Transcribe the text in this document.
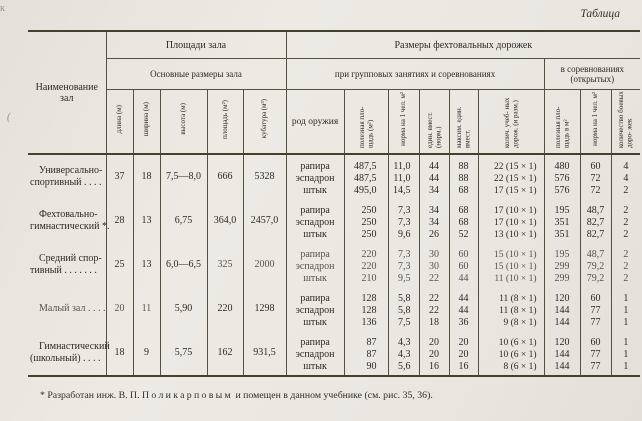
Таблица
к
(
Наименование зал	Площади зала					Размеры фехтовальных дорожек								
	Основные размеры зала					при групповых занятиях и соревнованиях						в соревнованиях (открытых)		
	длина (м)	ширина (м)	высота (м)	площадь (м²)	кубатура (м³)	род оружия	полезная пло- щадь (м²)	норма на 1 чел. м²	един. вмест. (норм.)	максим. един. вмест.	колич. учеб- ных дорож. (и разм.)	полезная пло- щадь в м²	норма на 1 чел. м²	количество боевых доро- жек

Универсально-
спортивный . . . .	37	18	7,5—8,0	666	5328	рапира	487,5	11,0	44	88	22 (15 × 1)	480	60	4
						эспадрон	487,5	11,0	44	88	22 (15 × 1)	576	72	4
						штык	495,0	14,5	34	68	17 (15 × 1)	576	72	2

Фехтовально-
гимнастический *.	28	13	6,75	364,0	2457,0	рапира	250	7,3	34	68	17 (10 × 1)	195	48,7	2
						эспадрон	250	7,3	34	68	17 (10 × 1)	351	82,7	2
						штык	250	9,6	26	52	13 (10 × 1)	351	82,7	2

Средний спор-
тивный . . . . . . .	25	13	6,0—6,5	325	2000	рапира	220	7,3	30	60	15 (10 × 1)	195	48,7	2
						эспадрон	220	7,3	30	60	15 (10 × 1)	299	79,2	2
						штык	210	9,5	22	44	11 (10 × 1)	299	79,2	2

Малый зал . . . .	20	11	5,90	220	1298	рапира	128	5,8	22	44	11 (8 × 1)	120	60	1
						эспадрон	128	5,8	22	44	11 (8 × 1)	144	77	1
						штык	136	7,5	18	36	9 (8 × 1)	144	77	1

Гимнастический
(школьный) . . . .	18	9	5,75	162	931,5	рапира	87	4,3	20	20	10 (6 × 1)	120	60	1
						эспадрон	87	4,3	20	20	10 (6 × 1)	144	77	1
						штык	90	5,6	16	16	8 (6 × 1)	144	77	1
* Разработан инж. В. П. Поликарповым и помещен в данном учебнике (см. рис. 35, 36).
